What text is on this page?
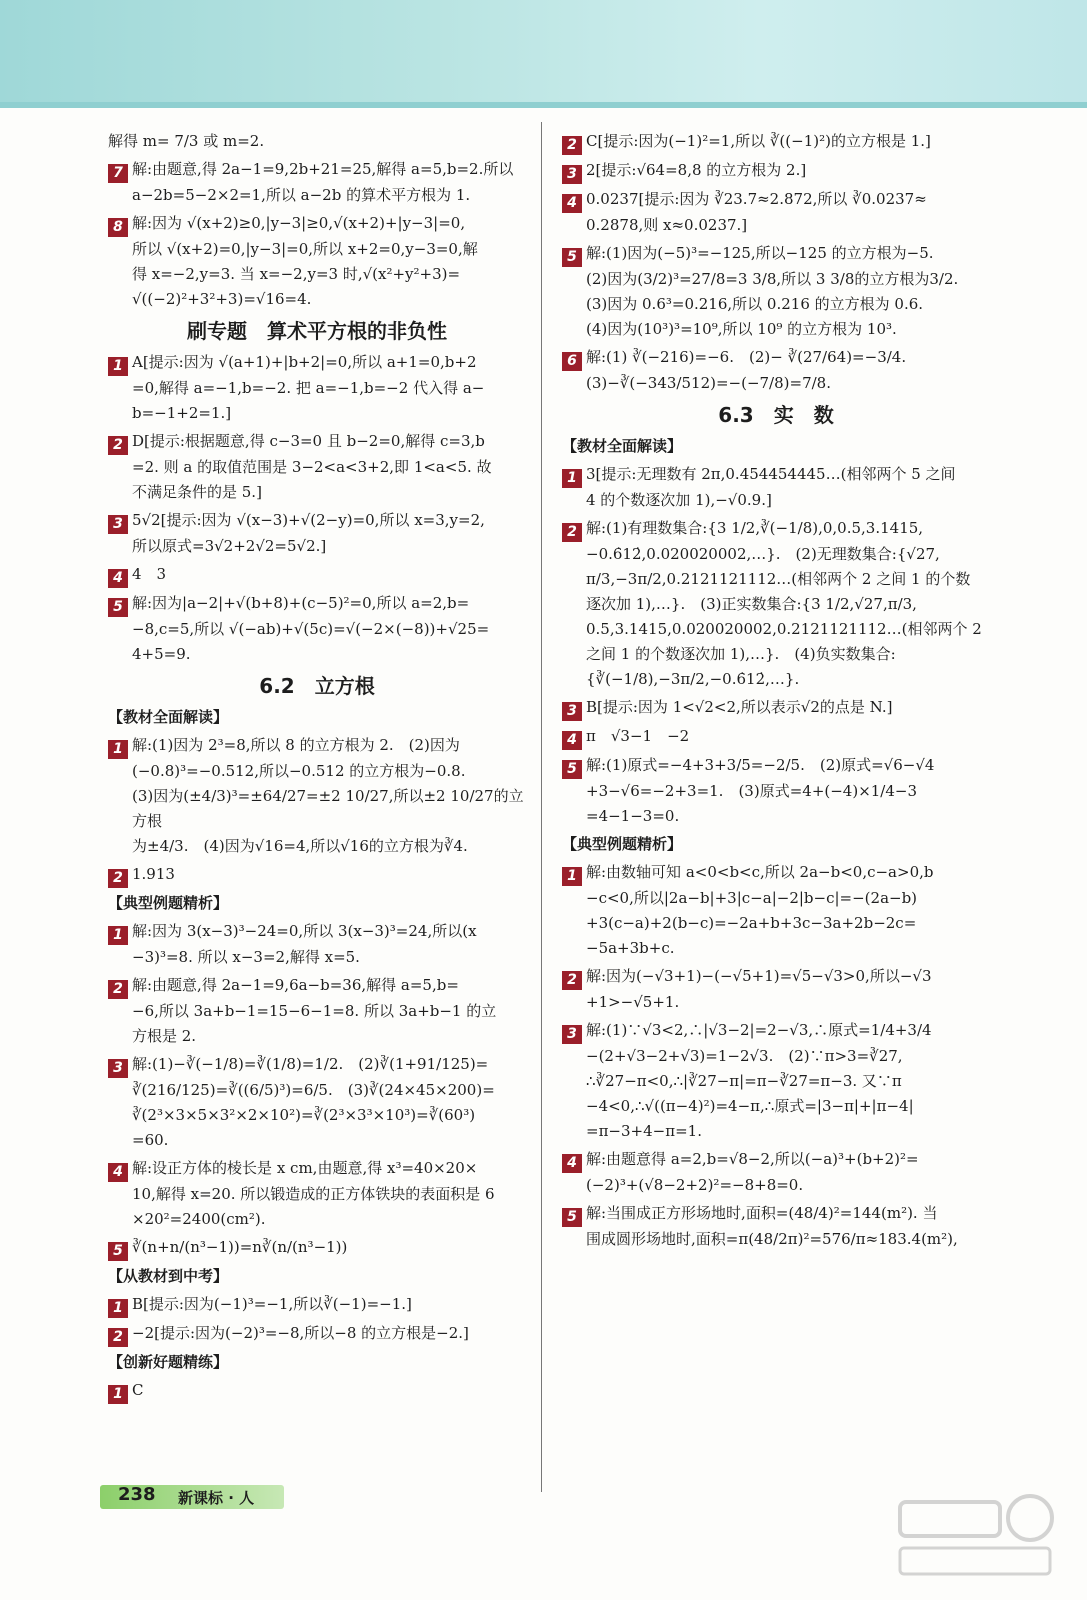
解得 m= 7/3 或 m=2.
7 解:由题意,得 2a−1=9,2b+21=25,解得 a=5,b=2.所以
a−2b=5−2×2=1,所以 a−2b 的算术平方根为 1.
8 解:因为 √(x+2)≥0,|y−3|≥0,√(x+2)+|y−3|=0,
所以 √(x+2)=0,|y−3|=0,所以 x+2=0,y−3=0,解
得 x=−2,y=3. 当 x=−2,y=3 时,√(x²+y²+3)=
√((−2)²+3²+3)=√16=4.
刷专题　算术平方根的非负性
1 A[提示:因为 √(a+1)+|b+2|=0,所以 a+1=0,b+2
=0,解得 a=−1,b=−2. 把 a=−1,b=−2 代入得 a−
b=−1+2=1.]
2 D[提示:根据题意,得 c−3=0 且 b−2=0,解得 c=3,b
=2. 则 a 的取值范围是 3−2<a<3+2,即 1<a<5. 故
不满足条件的是 5.]
3 5√2[提示:因为 √(x−3)+√(2−y)=0,所以 x=3,y=2,
所以原式=3√2+2√2=5√2.]
4 4　3
5 解:因为|a−2|+√(b+8)+(c−5)²=0,所以 a=2,b=
−8,c=5,所以 √(−ab)+√(5c)=√(−2×(−8))+√25=
4+5=9.
6.2　立方根
【教材全面解读】
1 解:(1)因为 2³=8,所以 8 的立方根为 2.　(2)因为
(−0.8)³=−0.512,所以−0.512 的立方根为−0.8.
(3)因为(±4/3)³=±64/27=±2 10/27,所以±2 10/27的立方根
为±4/3.　(4)因为√16=4,所以√16的立方根为∛4.
2 1.913
【典型例题精析】
1 解:因为 3(x−3)³−24=0,所以 3(x−3)³=24,所以(x
−3)³=8. 所以 x−3=2,解得 x=5.
2 解:由题意,得 2a−1=9,6a−b=36,解得 a=5,b=
−6,所以 3a+b−1=15−6−1=8. 所以 3a+b−1 的立
方根是 2.
3 解:(1)−∛(−1/8)=∛(1/8)=1/2.　(2)∛(1+91/125)=
∛(216/125)=∛((6/5)³)=6/5.　(3)∛(24×45×200)=
∛(2³×3×5×3²×2×10²)=∛(2³×3³×10³)=∛(60³)
=60.
4 解:设正方体的棱长是 x cm,由题意,得 x³=40×20×
10,解得 x=20. 所以锻造成的正方体铁块的表面积是 6
×20²=2400(cm²).
5 ∛(n+n/(n³−1))=n∛(n/(n³−1))
【从教材到中考】
1 B[提示:因为(−1)³=−1,所以∛(−1)=−1.]
2 −2[提示:因为(−2)³=−8,所以−8 的立方根是−2.]
【创新好题精练】
1 C
2 C[提示:因为(−1)²=1,所以 ∛((−1)²)的立方根是 1.]
3 2[提示:√64=8,8 的立方根为 2.]
4 0.0237[提示:因为 ∛23.7≈2.872,所以 ∛0.0237≈
0.2878,则 x≈0.0237.]
5 解:(1)因为(−5)³=−125,所以−125 的立方根为−5.
(2)因为(3/2)³=27/8=3 3/8,所以 3 3/8的立方根为3/2.
(3)因为 0.6³=0.216,所以 0.216 的立方根为 0.6.
(4)因为(10³)³=10⁹,所以 10⁹ 的立方根为 10³.
6 解:(1) ∛(−216)=−6.　(2)− ∛(27/64)=−3/4.
(3)−∛(−343/512)=−(−7/8)=7/8.
6.3　实　数
【教材全面解读】
1 3[提示:无理数有 2π,0.454454445…(相邻两个 5 之间
4 的个数逐次加 1),−√0.9.]
2 解:(1)有理数集合:{3 1/2,∛(−1/8),0,0.5,3.1415,
−0.6̇12̇,0.020020002,…}.　(2)无理数集合:{√27,
π/3,−3π/2,0.2121121112…(相邻两个 2 之间 1 的个数
逐次加 1),…}.　(3)正实数集合:{3 1/2,√27,π/3,
0.5,3.1415,0.020020002,0.2121121112…(相邻两个 2
之间 1 的个数逐次加 1),…}.　(4)负实数集合:
{∛(−1/8),−3π/2,−0.6̇12̇,…}.
3 B[提示:因为 1<√2<2,所以表示√2的点是 N.]
4 π　√3−1　−2
5 解:(1)原式=−4+3+3/5=−2/5.　(2)原式=√6−√4
+3−√6=−2+3=1.　(3)原式=4+(−4)×1/4−3
=4−1−3=0.
【典型例题精析】
1 解:由数轴可知 a<0<b<c,所以 2a−b<0,c−a>0,b
−c<0,所以|2a−b|+3|c−a|−2|b−c|=−(2a−b)
+3(c−a)+2(b−c)=−2a+b+3c−3a+2b−2c=
−5a+3b+c.
2 解:因为(−√3+1)−(−√5+1)=√5−√3>0,所以−√3
+1>−√5+1.
3 解:(1)∵√3<2,∴|√3−2|=2−√3,∴原式=1/4+3/4
−(2+√3−2+√3)=1−2√3.　(2)∵π>3=∛27,
∴∛27−π<0,∴|∛27−π|=π−∛27=π−3. 又∵π
−4<0,∴√((π−4)²)=4−π,∴原式=|3−π|+|π−4|
=π−3+4−π=1.
4 解:由题意得 a=2,b=√8−2,所以(−a)³+(b+2)²=
(−2)³+(√8−2+2)²=−8+8=0.
5 解:当围成正方形场地时,面积=(48/4)²=144(m²). 当
围成圆形场地时,面积=π(48/2π)²=576/π≈183.4(m²),
238 新课标 · 人
